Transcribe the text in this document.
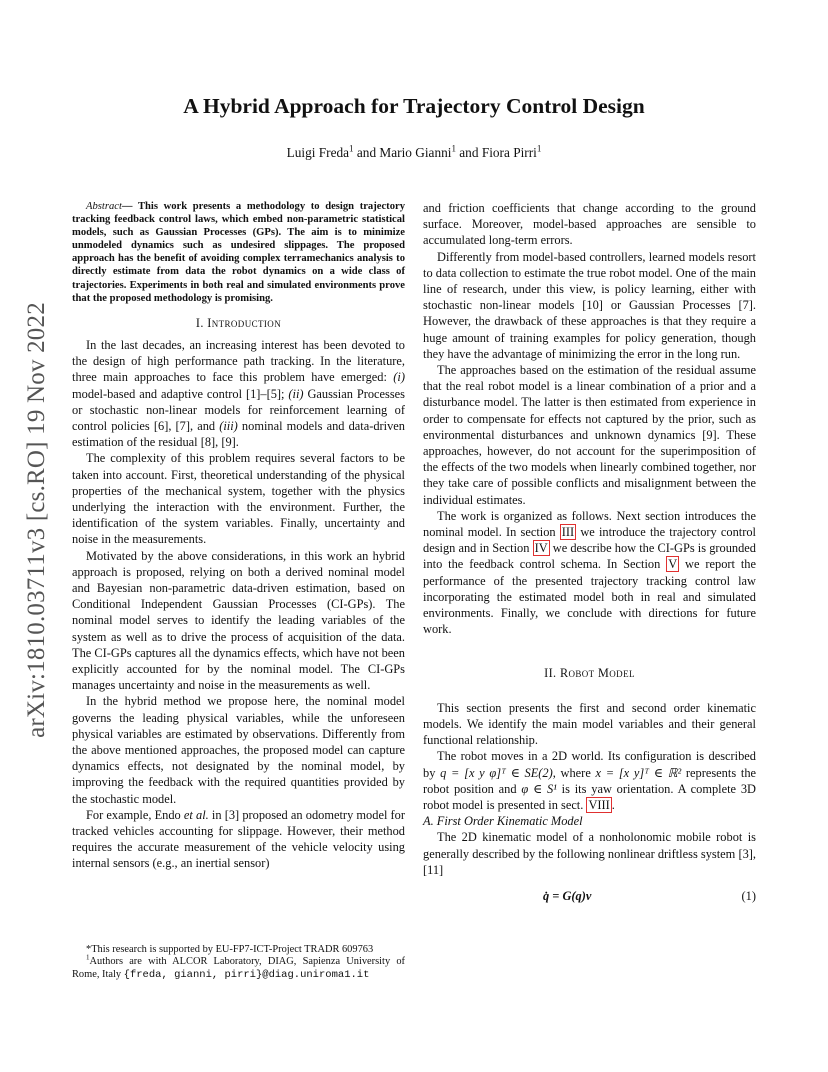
arXiv:1810.03711v3 [cs.RO] 19 Nov 2022
A Hybrid Approach for Trajectory Control Design
Luigi Freda$^1$ and Mario Gianni$^1$ and Fiora Pirri$^1$

Abstract— This work presents a methodology to design trajectory tracking feedback control laws, which embed non-parametric statistical models, such as Gaussian Processes (GPs). The aim is to minimize unmodeled dynamics such as undesired slippages. The proposed approach has the benefit of avoiding complex terramechanics analysis to directly estimate from data the robot dynamics on a wide class of trajectories. Experiments in both real and simulated environments prove that the proposed methodology is promising.

I. Introduction

In the last decades, an increasing interest has been devoted to the design of high performance path tracking. In the literature, three main approaches to face this problem have emerged: (i) model-based and adaptive control [1]–[5]; (ii) Gaussian Processes or stochastic non-linear models for reinforcement learning of control policies [6], [7], and (iii) nominal models and data-driven estimation of the residual [8], [9].

The complexity of this problem requires several factors to be taken into account. First, theoretical understanding of the physical properties of the mechanical system, together with the physics underlying the interaction with the environment. Further, the identification of the system variables. Finally, uncertainty and noise in the measurements.

Motivated by the above considerations, in this work an hybrid approach is proposed, relying on both a derived nominal model and Bayesian non-parametric data-driven estimation, based on Conditional Independent Gaussian Processes (CI-GPs). The nominal model serves to identify the leading variables of the system as well as to drive the process of acquisition of the data. The CI-GPs captures all the dynamics effects, which have not been explicitly accounted for by the nominal model. The CI-GPs manages uncertainty and noise in the measurements as well.

In the hybrid method we propose here, the nominal model governs the leading physical variables, while the unforeseen physical variables are estimated by observations. Differently from the above mentioned approaches, the proposed model can capture dynamics effects, not designated by the nominal model, by improving the feedback with the required quantities provided by the stochastic model.

For example, Endo et al. in [3] proposed an odometry model for tracked vehicles accounting for slippage. However, their method requires the accurate measurement of the vehicle velocity using internal sensors (e.g., an inertial sensor)

*This research is supported by EU-FP7-ICT-Project TRADR 609763
$^1$Authors are with ALCOR Laboratory, DIAG, Sapienza University of Rome, Italy {freda, gianni, pirri}@diag.uniroma1.it

and friction coefficients that change according to the ground surface. Moreover, model-based approaches are sensible to accumulated long-term errors.

Differently from model-based controllers, learned models resort to data collection to estimate the true robot model. One of the main line of research, under this view, is policy learning, either with stochastic non-linear models [10] or Gaussian Processes [7]. However, the drawback of these approaches is that they require a huge amount of training examples for policy generation, though they have the advantage of minimizing the error in the long run.

The approaches based on the estimation of the residual assume that the real robot model is a linear combination of a prior and a disturbance model. The latter is then estimated from experience in order to compensate for effects not captured by the prior, such as environmental disturbances and unknown dynamics [9]. These approaches, however, do not account for the superimposition of the effects of the two models when linearly combined together, nor they take care of possible conflicts and misalignment between the individual estimates.

The work is organized as follows. Next section introduces the nominal model. In section III we introduce the trajectory control design and in Section IV we describe how the CI-GPs is grounded into the feedback control schema. In Section V we report the performance of the presented trajectory tracking control law incorporating the estimated model both in real and simulated environments. Finally, we conclude with directions for future work.

II. Robot Model

This section presents the first and second order kinematic models. We identify the main model variables and their general functional relationship.

The robot moves in a 2D world. Its configuration is described by q = [x y φ]ᵀ ∈ SE(2), where x = [x y]ᵀ ∈ ℝ² represents the robot position and φ ∈ S¹ is its yaw orientation. A complete 3D robot model is presented in sect. VIII .

A. First Order Kinematic Model

The 2D kinematic model of a nonholonomic mobile robot is generally described by the following nonlinear driftless system [3], [11]

q̇ = G(q)v	(1)
